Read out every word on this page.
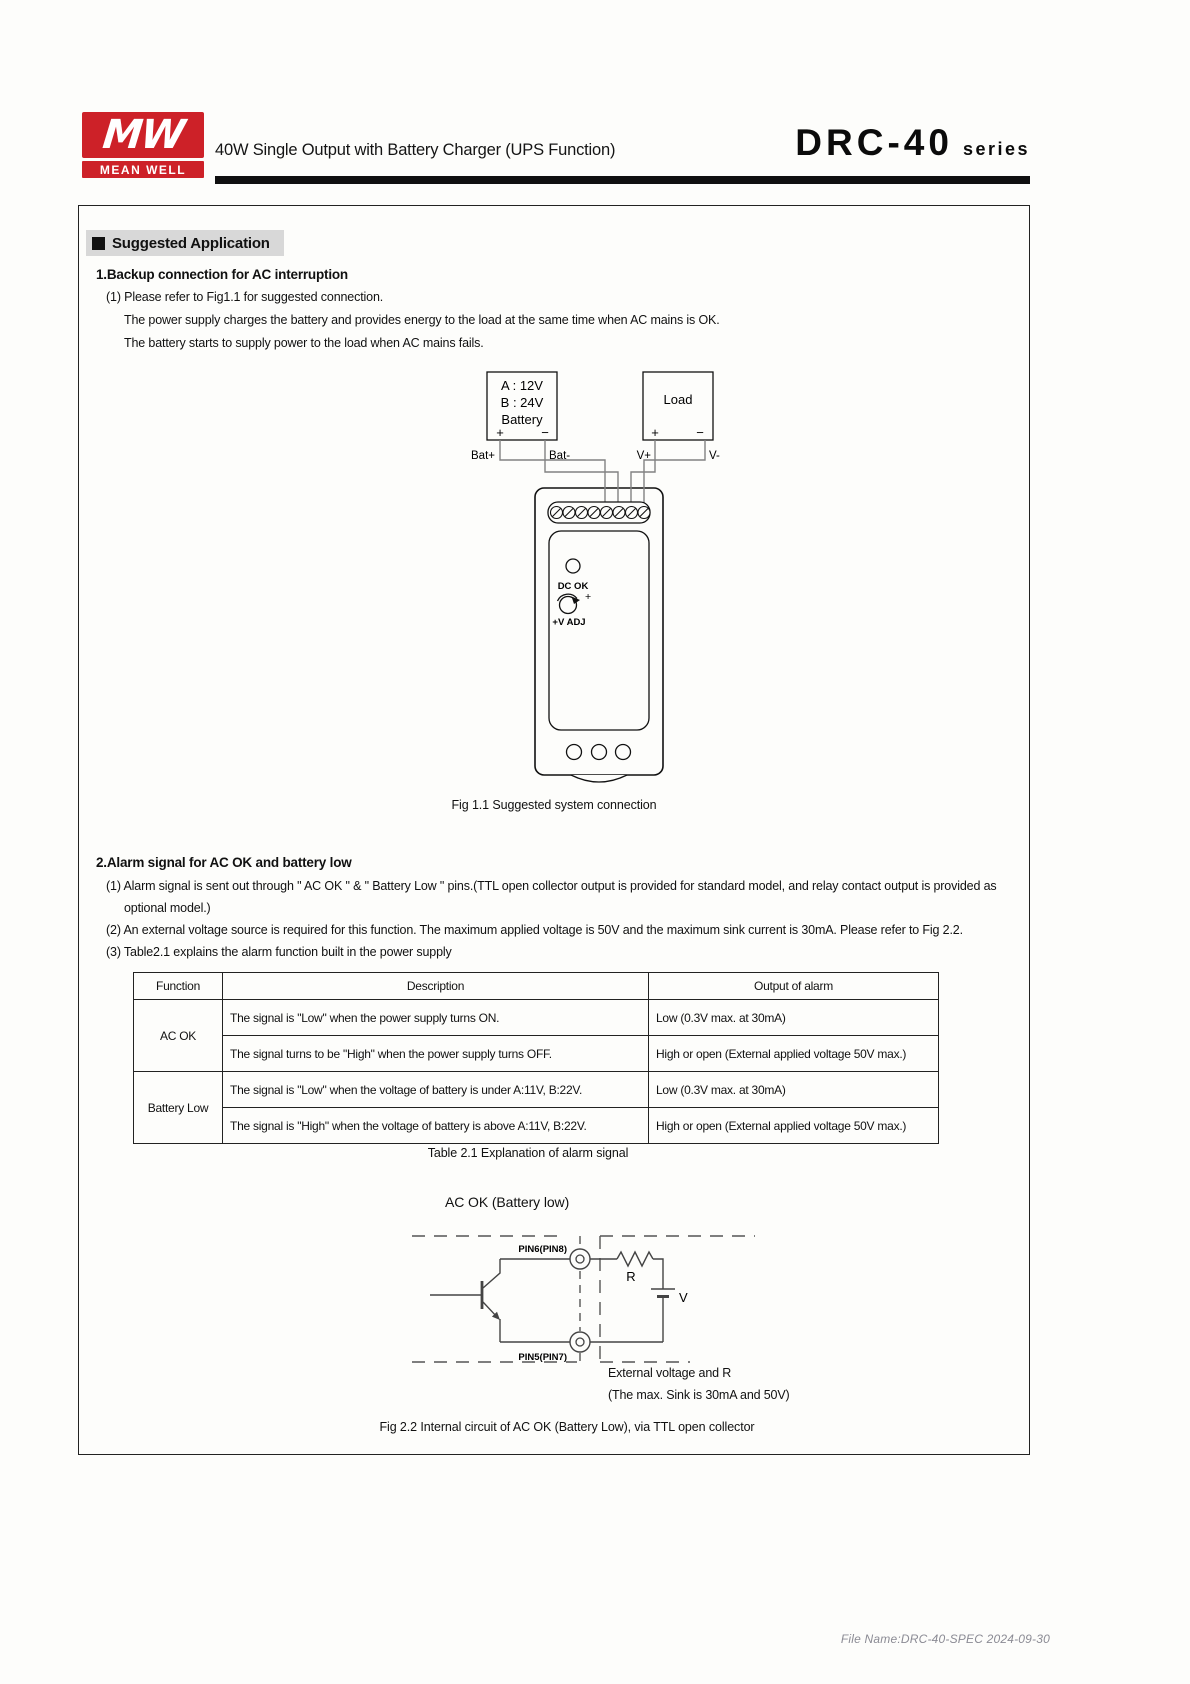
MW
MEAN WELL
40W Single Output with Battery Charger (UPS Function)	DRC-40 series
Suggested Application
1.Backup connection for AC interruption
(1) Please refer to Fig1.1 for suggested connection.
The power supply charges the battery and provides energy to the load at the same time when AC mains is OK.
The battery starts to supply power to the load when AC mains fails.
A : 12V
B : 24V
Battery
+	−
Load
+	−
Bat+	Bat-	V+	V-
DC OK
+
+V ADJ
Fig 1.1 Suggested system connection
2.Alarm signal for AC OK and battery low
(1) Alarm signal is sent out through " AC OK " & " Battery Low " pins.(TTL open collector output is provided for standard model, and relay contact output is provided as
optional model.)
(2) An external voltage source is required for this function. The maximum applied voltage is 50V and the maximum sink current is 30mA. Please refer to Fig 2.2.
(3) Table2.1 explains the alarm function built in the power supply
Function	Description	Output of alarm
AC OK	The signal is "Low" when the power supply turns ON.	Low (0.3V max. at 30mA)
	The signal turns to be "High" when the power supply turns OFF.	High or open (External applied voltage 50V max.)
Battery Low	The signal is "Low" when the voltage of battery is under A:11V, B:22V.	Low (0.3V max. at 30mA)
	The signal is "High" when the voltage of battery is above A:11V, B:22V.	High or open (External applied voltage 50V max.)
Table 2.1 Explanation of alarm signal
AC OK (Battery low)
PIN6(PIN8)
PIN5(PIN7)
R
V
External voltage and R
(The max. Sink is 30mA and 50V)
Fig 2.2 Internal circuit of AC OK (Battery Low), via TTL open collector
File Name:DRC-40-SPEC 2024-09-30
